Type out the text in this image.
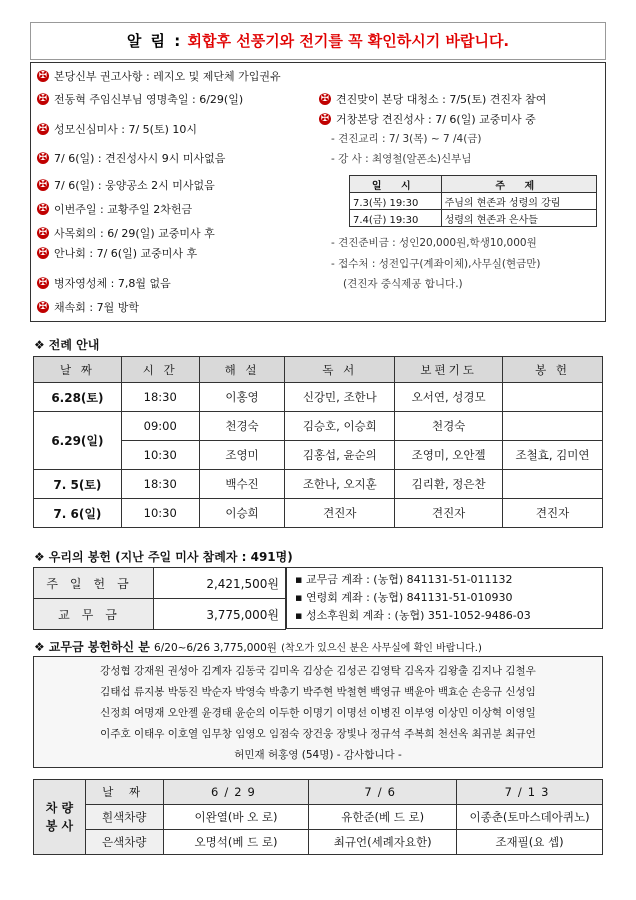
알 림 : 회합후 선풍기와 전기를 꼭 확인하시기 바랍니다.
✠ 본당신부 권고사항 : 레지오 및 제단체 가입권유
✠ 전동혁 주임신부님 영명축일 : 6/29(일)
✠ 성모신심미사 : 7/ 5(토) 10시
✠ 7/ 6(일) : 견진성사시 9시 미사없음
✠ 7/ 6(일) : 웅양공소 2시 미사없음
✠ 이번주일 : 교황주일 2차헌금
✠ 사목회의 : 6/ 29(일) 교중미사 후
✠ 안나회 : 7/ 6(일) 교중미사 후
✠ 병자영성체 : 7,8월 없음
✠ 채속회 : 7월 방학
✠ 견진맞이 본당 대청소 : 7/5(토) 견진자 참여
✠ 거창본당 견진성사 : 7/ 6(일) 교중미사 중
- 견진교리 : 7/ 3(목) ~ 7 /4(금)
- 강 사 : 최영철(알폰소)신부님
일 시	주 제
7.3(목) 19:30	주님의 현존과 성령의 강림
7.4(금) 19:30	성령의 현존과 은사들
- 견진준비금 : 성인20,000원,학생10,000원
- 접수처 : 성전입구(계좌이체),사무실(현금만)
(견진자 중식제공 합니다.)
❖ 전례 안내
날 짜	시 간	해 설	독 서	보편기도	봉 헌
6.28(토)	18:30	이홍영	신강민, 조한나	오서연, 성경모	
6.29(일)	09:00	천경숙	김승호, 이승희	천경숙	
	10:30	조영미	김홍섭, 윤순의	조영미, 오안젤	조철효, 김미연
7. 5(토)	18:30	백수진	조한나, 오지훈	김리환, 정은찬	
7. 6(일)	10:30	이승희	견진자	견진자	견진자
❖ 우리의 봉헌 (지난 주일 미사 참례자 : 491명)
주일헌금	2,421,500원
교무금	3,775,000원
▪ 교무금 계좌 : (농협) 841131-51-011132
▪ 연령회 계좌 : (농협) 841131-51-010930
▪ 성소후원회 계좌 : (농협) 351-1052-9486-03
❖ 교무금 봉헌하신 분 6/20~6/26 3,775,000원 (착오가 있으신 분은 사무실에 확인 바랍니다.)
강성협 강재원 권성아 김계자 김동국 김미옥 김상순 김성곤 김영탁 김옥자 김왕출 김지나 김철우
김태섭 류지봉 박동진 박순자 박영숙 박총기 박주현 박철현 백영규 백윤아 백효순 손응규 신성임
신정희 여명재 오안젤 윤경태 윤순의 이두한 이명기 이명선 이병진 이부영 이상민 이상혁 이영일
이주호 이태우 이호열 임무창 임영오 임점숙 장건웅 장빛나 정규석 주복희 천선옥 최귀분 최규언
허민재 허홍영 (54명) - 감사합니다 -
차 량
봉 사	날 짜	6/29	7/6	7/13
	흰색차량	이완열(바 오 로)	유한준(베 드 로)	이종춘(토마스데아퀴노)
	은색차량	오명석(베 드 로)	최규언(세례자요한)	조재필(요 셉)
